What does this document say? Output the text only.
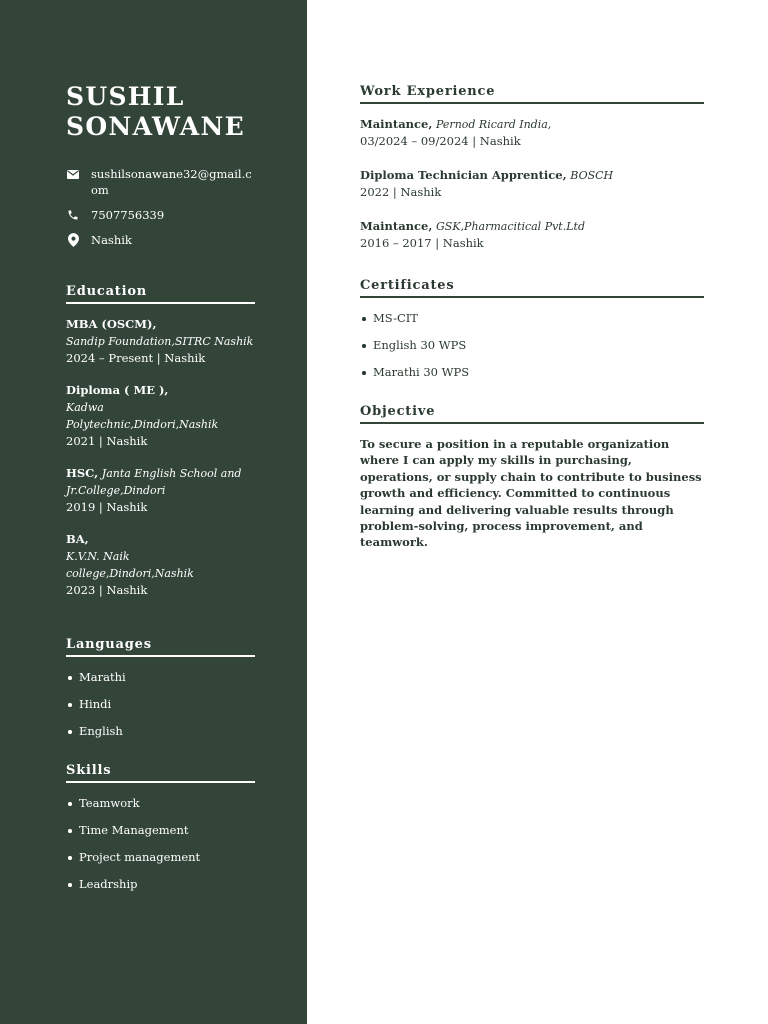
SUSHIL
SONAWANE
sushilsonawane32@gmail.com
7507756339
Nashik
Education
MBA (OSCM),
Sandip Foundation,SITRC Nashik
2024 – Present | Nashik
Diploma ( ME ),
Kadwa Polytechnic,Dindori,Nashik
2021 | Nashik
HSC, Janta English School and Jr.College,Dindori
2019 | Nashik
BA,
K.V.N. Naik college,Dindori,Nashik
2023 | Nashik
Languages
Marathi
Hindi
English
Skills
Teamwork
Time Management
Project management
Leadrship
Work Experience
Maintance, Pernod Ricard India,
03/2024 – 09/2024 | Nashik
Diploma Technician Apprentice, BOSCH
2022 | Nashik
Maintance, GSK,Pharmacitical Pvt.Ltd
2016 – 2017 | Nashik
Certificates
MS-CIT
English 30 WPS
Marathi 30 WPS
Objective

To secure a position in a reputable organization where I can apply my skills in purchasing, operations, or supply chain to contribute to business growth and efficiency. Committed to continuous learning and delivering valuable results through problem-solving, process improvement, and teamwork.
